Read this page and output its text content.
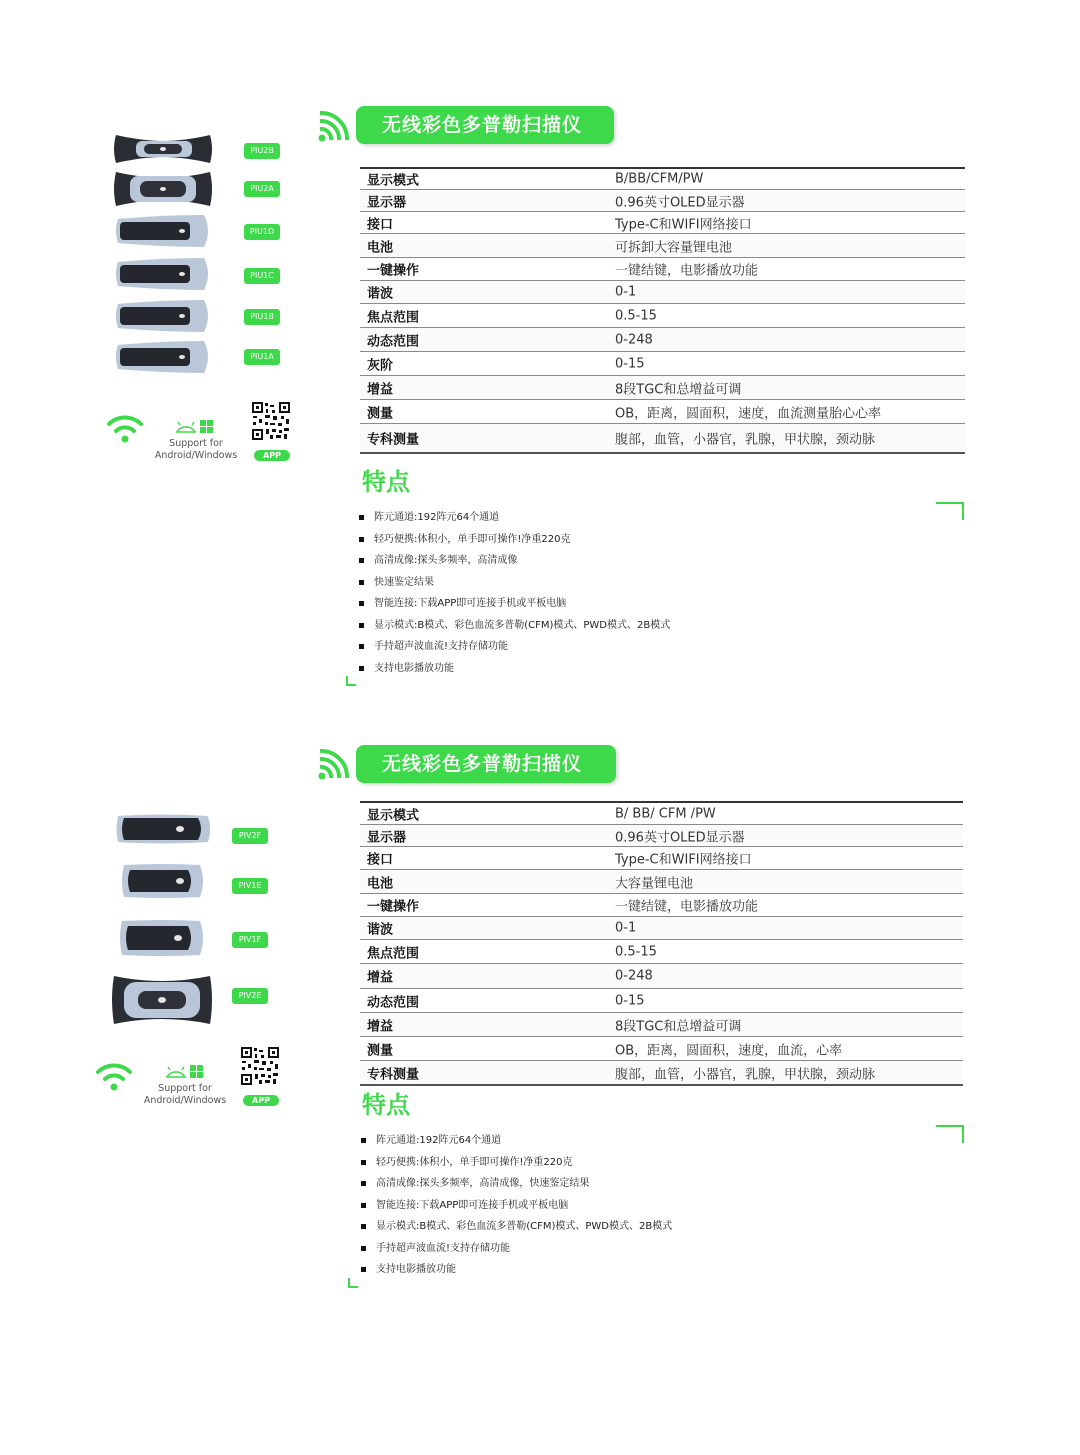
无线彩色多普勒扫描仪
PIU2B
PIU2A
PIU1D
PIU1C
PIU1B
PIU1A
Support for
Android/Windows	APP
显示模式	B/BB/CFM/PW
显示器	0.96英寸OLED显示器
接口	Type-C和WIFI网络接口
电池	可拆卸大容量锂电池
一键操作	一键结键，电影播放功能
谐波	0-1
焦点范围	0.5-15
动态范围	0-248
灰阶	0-15
增益	8段TGC和总增益可调
测量	OB，距离，圆面积，速度，血流测量胎心心率
专科测量	腹部，血管，小器官，乳腺，甲状腺，颈动脉
特点
阵元通道:192阵元64个通道
轻巧便携:体积小，单手即可操作!净重220克
高清成像:探头多频率，高清成像
快速鉴定结果
智能连接:下载APP即可连接手机或平板电脑
显示模式:B模式、彩色血流多普勒(CFM)模式、PWD模式、2B模式
手持超声波血流!支持存储功能
支持电影播放功能
无线彩色多普勒扫描仪
PIV2F
PIV1E
PIV1F
PIV2E
Support for
Android/Windows	APP
显示模式	B/ BB/ CFM /PW
显示器	0.96英寸OLED显示器
接口	Type-C和WIFI网络接口
电池	大容量锂电池
一键操作	一键结键，电影播放功能
谐波	0-1
焦点范围	0.5-15
增益	0-248
动态范围	0-15
增益	8段TGC和总增益可调
测量	OB，距离，圆面积，速度，血流，心率
专科测量	腹部，血管，小器官，乳腺，甲状腺，颈动脉
特点
阵元通道:192阵元64个通道
轻巧便携:体积小，单手即可操作!净重220克
高清成像:探头多频率，高清成像，快速鉴定结果
智能连接:下载APP即可连接手机或平板电脑
显示模式:B模式、彩色血流多普勒(CFM)模式、PWD模式、2B模式
手持超声波血流!支持存储功能
支持电影播放功能
